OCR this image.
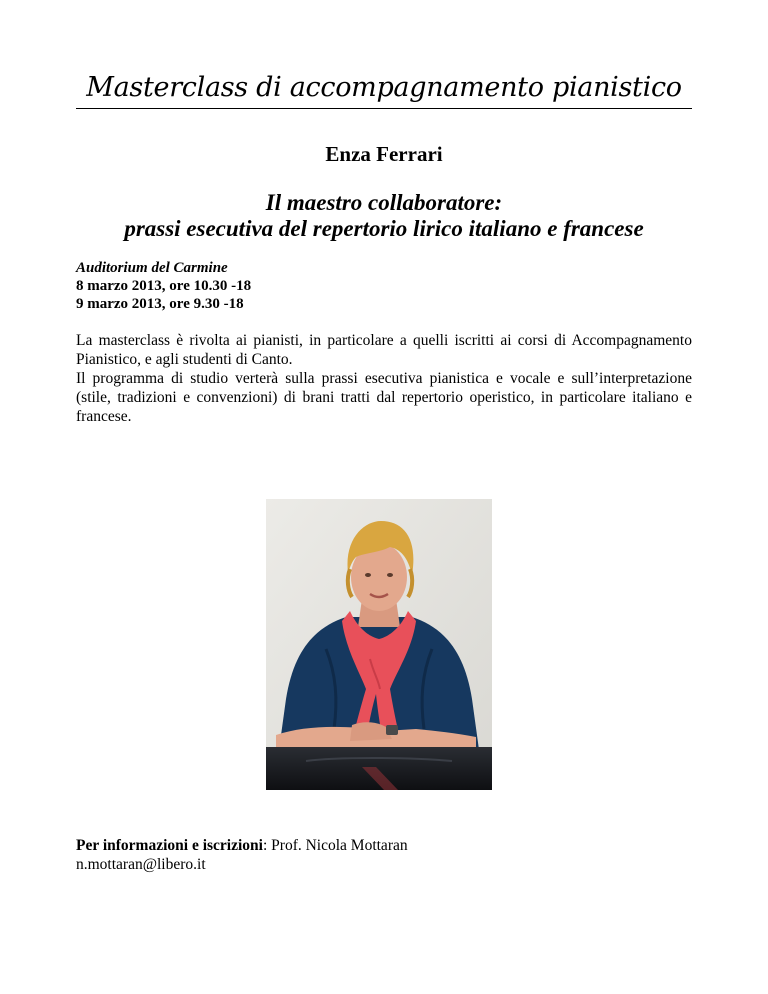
Masterclass di accompagnamento pianistico
Enza Ferrari
Il maestro collaboratore:
prassi esecutiva del repertorio lirico italiano e francese
Auditorium del Carmine
8 marzo 2013, ore 10.30 -18
9 marzo 2013, ore 9.30 -18

La masterclass è rivolta ai pianisti, in particolare a quelli iscritti ai corsi di Accompagnamento Pianistico, e agli studenti di Canto.

Il programma di studio verterà sulla prassi esecutiva pianistica e vocale e sull’interpretazione (stile, tradizioni e convenzioni) di brani tratti dal repertorio operistico, in particolare italiano e francese.

Per informazioni e iscrizioni: Prof. Nicola Mottaran
n.mottaran@libero.it
